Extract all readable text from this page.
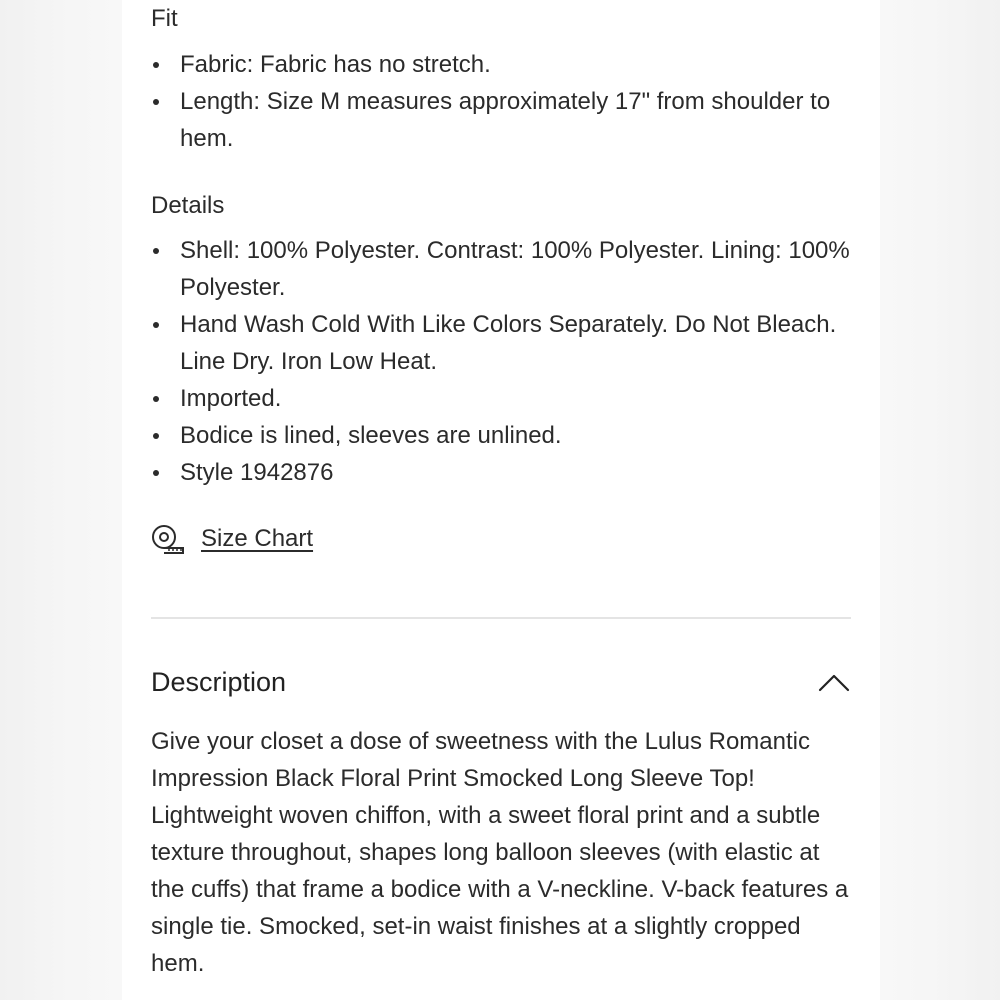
Fit
Fabric: Fabric has no stretch.
Length: Size M measures approximately 17" from shoulder to hem.
Details
Shell: 100% Polyester. Contrast: 100% Polyester. Lining: 100% Polyester.
Hand Wash Cold With Like Colors Separately. Do Not Bleach. Line Dry. Iron Low Heat.
Imported.
Bodice is lined, sleeves are unlined.
Style 1942876
Size Chart
Description

Give your closet a dose of sweetness with the Lulus Romantic Impression Black Floral Print Smocked Long Sleeve Top! Lightweight woven chiffon, with a sweet floral print and a subtle texture throughout, shapes long balloon sleeves (with elastic at the cuffs) that frame a bodice with a V-neckline. V-back features a single tie. Smocked, set-in waist finishes at a slightly cropped hem.
